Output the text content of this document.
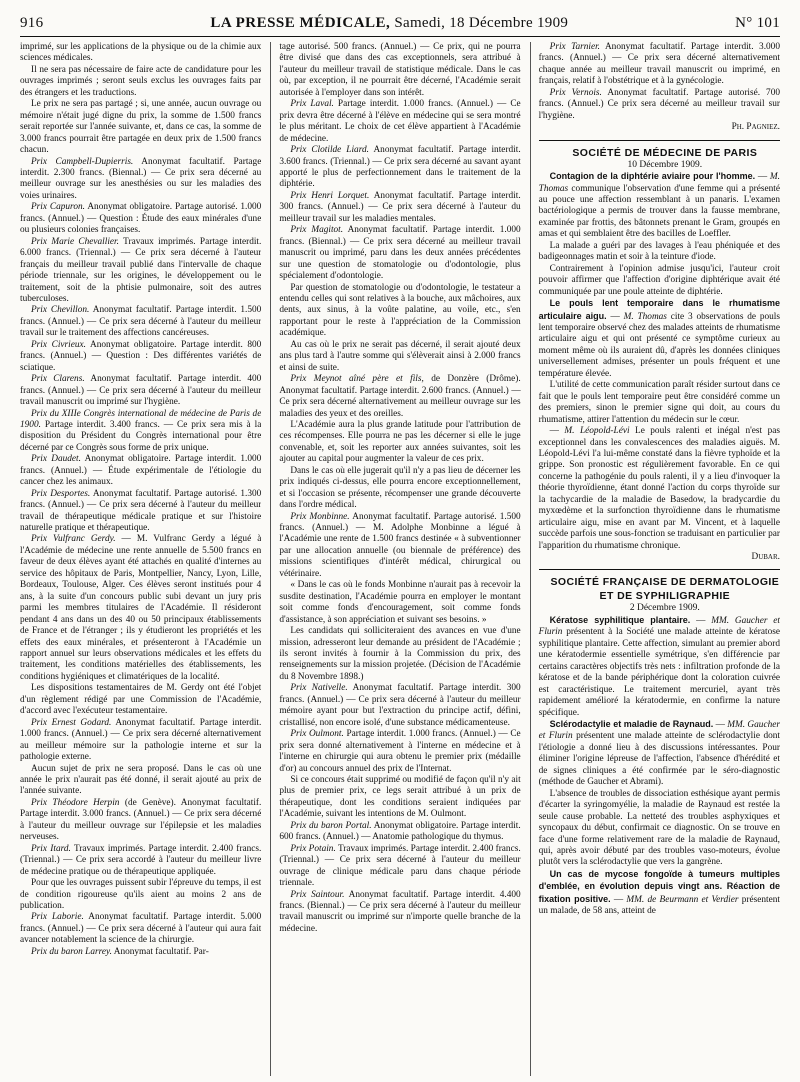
916	LA PRESSE MÉDICALE, Samedi, 18 Décembre 1909	N° 101

imprimé, sur les applications de la physique ou de la chimie aux sciences médicales.

Il ne sera pas nécessaire de faire acte de candidature pour les ouvrages imprimés ; seront seuls exclus les ouvrages faits par des étrangers et les traductions.

Le prix ne sera pas partagé ; si, une année, aucun ouvrage ou mémoire n'était jugé digne du prix, la somme de 1.500 francs serait reportée sur l'année suivante, et, dans ce cas, la somme de 3.000 francs pourrait être partagée en deux prix de 1.500 francs chacun.

Prix Campbell-Dupierris. Anonymat facultatif. Partage interdit. 2.300 francs. (Biennal.) — Ce prix sera décerné au meilleur ouvrage sur les anesthésies ou sur les maladies des voies urinaires.

Prix Capuron. Anonymat obligatoire. Partage autorisé. 1.000 francs. (Annuel.) — Question : Étude des eaux minérales d'une ou plusieurs colonies françaises.

Prix Marie Chevallier. Travaux imprimés. Partage interdit. 6.000 francs. (Triennal.) — Ce prix sera décerné à l'auteur français du meilleur travail publié dans l'intervalle de chaque période triennale, sur les origines, le développement ou le traitement, soit de la phtisie pulmonaire, soit des autres tuberculoses.

Prix Chevillon. Anonymat facultatif. Partage interdit. 1.500 francs. (Annuel.) — Ce prix sera décerné à l'auteur du meilleur travail sur le traitement des affections cancéreuses.

Prix Civrieux. Anonymat obligatoire. Partage interdit. 800 francs. (Annuel.) — Question : Des différentes variétés de sciatique.

Prix Clarens. Anonymat facultatif. Partage interdit. 400 francs. (Annuel.) — Ce prix sera décerné à l'auteur du meilleur travail manuscrit ou imprimé sur l'hygiène.

Prix du XIIIe Congrès international de médecine de Paris de 1900. Partage interdit. 3.400 francs. — Ce prix sera mis à la disposition du Président du Congrès international pour être décerné par ce Congrès sous forme de prix unique.

Prix Daudet. Anonymat obligatoire. Partage interdit. 1.000 francs. (Annuel.) — Étude expérimentale de l'étiologie du cancer chez les animaux.

Prix Desportes. Anonymat facultatif. Partage autorisé. 1.300 francs. (Annuel.) — Ce prix sera décerné à l'auteur du meilleur travail de thérapeutique médicale pratique et sur l'histoire naturelle pratique et thérapeutique.

Prix Vulfranc Gerdy. — M. Vulfranc Gerdy a légué à l'Académie de médecine une rente annuelle de 5.500 francs en faveur de deux élèves ayant été attachés en qualité d'internes au service des hôpitaux de Paris, Montpellier, Nancy, Lyon, Lille, Bordeaux, Toulouse, Alger. Ces élèves seront institués pour 4 ans, à la suite d'un concours public subi devant un jury pris parmi les membres titulaires de l'Académie. Il résideront pendant 4 ans dans un des 40 ou 50 principaux établissements de France et de l'étranger ; ils y étudieront les propriétés et les effets des eaux minérales, et présenteront à l'Académie un rapport annuel sur leurs observations médicales et les effets du traitement, les conditions matérielles des établissements, les conditions hygiéniques et climatériques de la localité.

Les dispositions testamentaires de M. Gerdy ont été l'objet d'un règlement rédigé par une Commission de l'Académie, d'accord avec l'exécuteur testamentaire.

Prix Ernest Godard. Anonymat facultatif. Partage interdit. 1.000 francs. (Annuel.) — Ce prix sera décerné alternativement au meilleur mémoire sur la pathologie interne et sur la pathologie externe.

Aucun sujet de prix ne sera proposé. Dans le cas où une année le prix n'aurait pas été donné, il serait ajouté au prix de l'année suivante.

Prix Théodore Herpin (de Genève). Anonymat facultatif. Partage interdit. 3.000 francs. (Annuel.) — Ce prix sera décerné à l'auteur du meilleur ouvrage sur l'épilepsie et les maladies nerveuses.

Prix Itard. Travaux imprimés. Partage interdit. 2.400 francs. (Triennal.) — Ce prix sera accordé à l'auteur du meilleur livre de médecine pratique ou de thérapeutique appliquée.

Pour que les ouvrages puissent subir l'épreuve du temps, il est de condition rigoureuse qu'ils aient au moins 2 ans de publication.

Prix Laborie. Anonymat facultatif. Partage interdit. 5.000 francs. (Annuel.) — Ce prix sera décerné à l'auteur qui aura fait avancer notablement la science de la chirurgie.

Prix du baron Larrey. Anonymat facultatif. Par-

tage autorisé. 500 francs. (Annuel.) — Ce prix, qui ne pourra être divisé que dans des cas exceptionnels, sera attribué à l'auteur du meilleur travail de statistique médicale. Dans le cas où, par exception, il ne pourrait être décerné, l'Académie serait autorisée à l'employer dans son intérêt.

Prix Laval. Partage interdit. 1.000 francs. (Annuel.) — Ce prix devra être décerné à l'élève en médecine qui se sera montré le plus méritant. Le choix de cet élève appartient à l'Académie de médecine.

Prix Clotilde Liard. Anonymat facultatif. Partage interdit. 3.600 francs. (Triennal.) — Ce prix sera décerné au savant ayant apporté le plus de perfectionnement dans le traitement de la diphtérie.

Prix Henri Lorquet. Anonymat facultatif. Partage interdit. 300 francs. (Annuel.) — Ce prix sera décerné à l'auteur du meilleur travail sur les maladies mentales.

Prix Magitot. Anonymat facultatif. Partage interdit. 1.000 francs. (Biennal.) — Ce prix sera décerné au meilleur travail manuscrit ou imprimé, paru dans les deux années précédentes sur une question de stomatologie ou d'odontologie, plus spécialement d'odontologie.

Par question de stomatologie ou d'odontologie, le testateur a entendu celles qui sont relatives à la bouche, aux mâchoires, aux dents, aux sinus, à la voûte palatine, au voile, etc., s'en rapportant pour le reste à l'appréciation de la Commission académique.

Au cas où le prix ne serait pas décerné, il serait ajouté deux ans plus tard à l'autre somme qui s'élèverait ainsi à 2.000 francs et ainsi de suite.

Prix Meynot aîné père et fils, de Donzère (Drôme). Anonymat facultatif. Partage interdit. 2.600 francs. (Annuel.) — Ce prix sera décerné alternativement au meilleur ouvrage sur les maladies des yeux et des oreilles.

L'Académie aura la plus grande latitude pour l'attribution de ces récompenses. Elle pourra ne pas les décerner si elle le juge convenable, et, soit les reporter aux années suivantes, soit les ajouter au capital pour augmenter la valeur de ces prix.

Dans le cas où elle jugerait qu'il n'y a pas lieu de décerner les prix indiqués ci-dessus, elle pourra encore exceptionnellement, et si l'occasion se présente, récompenser une grande découverte dans l'ordre médical.

Prix Monbinne. Anonymat facultatif. Partage autorisé. 1.500 francs. (Annuel.) — M. Adolphe Monbinne a légué à l'Académie une rente de 1.500 francs destinée « à subventionner par une allocation annuelle (ou biennale de préférence) des missions scientifiques d'intérêt médical, chirurgical ou vétérinaire.

« Dans le cas où le fonds Monbinne n'aurait pas à recevoir la susdite destination, l'Académie pourra en employer le montant soit comme fonds d'encouragement, soit comme fonds d'assistance, à son appréciation et suivant ses besoins. »

Les candidats qui solliciteraient des avances en vue d'une mission, adresseront leur demande au président de l'Académie ; ils seront invités à fournir à la Commission du prix, des renseignements sur la mission projetée. (Décision de l'Académie du 8 Novembre 1898.)

Prix Nativelle. Anonymat facultatif. Partage interdit. 300 francs. (Annuel.) — Ce prix sera décerné à l'auteur du meilleur mémoire ayant pour but l'extraction du principe actif, défini, cristallisé, non encore isolé, d'une substance médicamenteuse.

Prix Oulmont. Partage interdit. 1.000 francs. (Annuel.) — Ce prix sera donné alternativement à l'interne en médecine et à l'interne en chirurgie qui aura obtenu le premier prix (médaille d'or) au concours annuel des prix de l'Internat.

Si ce concours était supprimé ou modifié de façon qu'il n'y ait plus de premier prix, ce legs serait attribué à un prix de thérapeutique, dont les conditions seraient indiquées par l'Académie, suivant les intentions de M. Oulmont.

Prix du baron Portal. Anonymat obligatoire. Partage interdit. 600 francs. (Annuel.) — Anatomie pathologique du thymus.

Prix Potain. Travaux imprimés. Partage interdit. 2.400 francs. (Triennal.) — Ce prix sera décerné à l'auteur du meilleur ouvrage de clinique médicale paru dans chaque période triennale.

Prix Saintour. Anonymat facultatif. Partage interdit. 4.400 francs. (Biennal.) — Ce prix sera décerné à l'auteur du meilleur travail manuscrit ou imprimé sur n'importe quelle branche de la médecine.

Prix Tarnier. Anonymat facultatif. Partage interdit. 3.000 francs. (Annuel.) — Ce prix sera décerné alternativement chaque année au meilleur travail manuscrit ou imprimé, en français, relatif à l'obstétrique et à la gynécologie.

Prix Vernois. Anonymat facultatif. Partage autorisé. 700 francs. (Annuel.) Ce prix sera décerné au meilleur travail sur l'hygiène.

Ph. Pagniez.

SOCIÉTÉ DE MÉDECINE DE PARIS

10 Décembre 1909.

Contagion de la diphtérie aviaire pour l'homme. — M. Thomas communique l'observation d'une femme qui a présenté au pouce une affection ressemblant à un panaris. L'examen bactériologique a permis de trouver dans la fausse membrane, examinée par frottis, des bâtonnets prenant le Gram, groupés en amas et qui semblaient être des bacilles de Loeffler.

La malade a guéri par des lavages à l'eau phéniquée et des badigeonnages matin et soir à la teinture d'iode.

Contrairement à l'opinion admise jusqu'ici, l'auteur croit pouvoir affirmer que l'affection d'origine diphtérique avait été communiquée par une poule atteinte de diphtérie.

Le pouls lent temporaire dans le rhumatisme articulaire aigu. — M. Thomas cite 3 observations de pouls lent temporaire observé chez des malades atteints de rhumatisme articulaire aigu et qui ont présenté ce symptôme curieux au moment même où ils auraient dû, d'après les données cliniques universellement admises, présenter un pouls fréquent et une température élevée.

L'utilité de cette communication paraît résider surtout dans ce fait que le pouls lent temporaire peut être considéré comme un des premiers, sinon le premier signe qui doit, au cours du rhumatisme, attirer l'attention du médecin sur le cœur.

— M. Léopold-Lévi Le pouls ralenti et inégal n'est pas exceptionnel dans les convalescences des maladies aiguës. M. Léopold-Lévi l'a lui-même constaté dans la fièvre typhoïde et la grippe. Son pronostic est régulièrement favorable. En ce qui concerne la pathogénie du pouls ralenti, il y a lieu d'invoquer la théorie thyroïdienne, étant donné l'action du corps thyroïde sur la tachycardie de la maladie de Basedow, la bradycardie du myxœdème et la surfonction thyroïdienne dans le rhumatisme articulaire aigu, mise en avant par M. Vincent, et à laquelle succède parfois une sous-fonction se traduisant en particulier par l'apparition du rhumatisme chronique.

Dubar.

SOCIÉTÉ FRANÇAISE DE DERMATOLOGIE

ET DE SYPHILIGRAPHIE

2 Décembre 1909.

Kératose syphilitique plantaire. — MM. Gaucher et Flurin présentent à la Société une malade atteinte de kératose syphilitique plantaire. Cette affection, simulant au premier abord une kératodermie essentielle symétrique, s'en différencie par certains caractères objectifs très nets : infiltration profonde de la kératose et de la bande périphérique dont la coloration cuivrée est caractéristique. Le traitement mercuriel, ayant très rapidement amélioré la kératodermie, en confirme la nature spécifique.

Sclérodactylie et maladie de Raynaud. — MM. Gaucher et Flurin présentent une malade atteinte de sclérodactylie dont l'étiologie a donné lieu à des discussions intéressantes. Pour éliminer l'origine lépreuse de l'affection, l'absence d'hérédité et de signes cliniques a été confirmée par le séro-diagnostic (méthode de Gaucher et Abrami).

L'absence de troubles de dissociation esthésique ayant permis d'écarter la syringomyélie, la maladie de Raynaud est restée la seule cause probable. La netteté des troubles asphyxiques et syncopaux du début, confirmait ce diagnostic. On se trouve en face d'une forme relativement rare de la maladie de Raynaud, qui, après avoir débuté par des troubles vaso-moteurs, évolue plutôt vers la sclérodactylie que vers la gangrène.

Un cas de mycose fongoïde à tumeurs multiples d'emblée, en évolution depuis vingt ans. Réaction de fixation positive. — MM. de Beurmann et Verdier présentent un malade, de 58 ans, atteint de
